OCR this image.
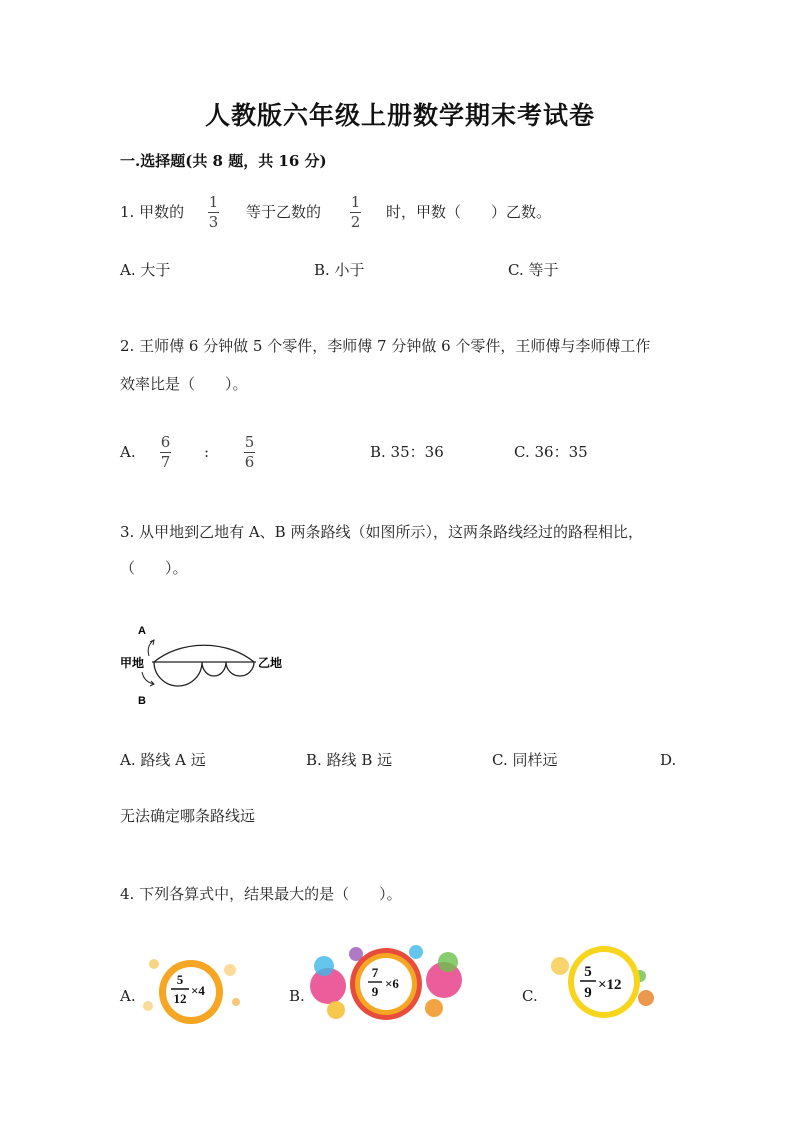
人教版六年级上册数学期末考试卷
一.选择题(共 8 题，共 16 分)
1. 甲数的
1
3
等于乙数的
1
2
时，甲数（　　）乙数。
A. 大于	B. 小于	C. 等于
2. 王师傅 6 分钟做 5 个零件，李师傅 7 分钟做 6 个零件，王师傅与李师傅工作
效率比是（　　）。
A.
6
7
:
5
6
B. 35：36	C. 36：35
3. 从甲地到乙地有 A、B 两条路线（如图所示），这两条路线经过的路程相比，
（　　）。
A
B
甲地	乙地
A. 路线 A 远	B. 路线 B 远	C. 同样远	D.
无法确定哪条路线远
4. 下列各算式中，结果最大的是（　　）。
A.
5
12
×4	B.
7
9
×6
C.
5
9 ×12
